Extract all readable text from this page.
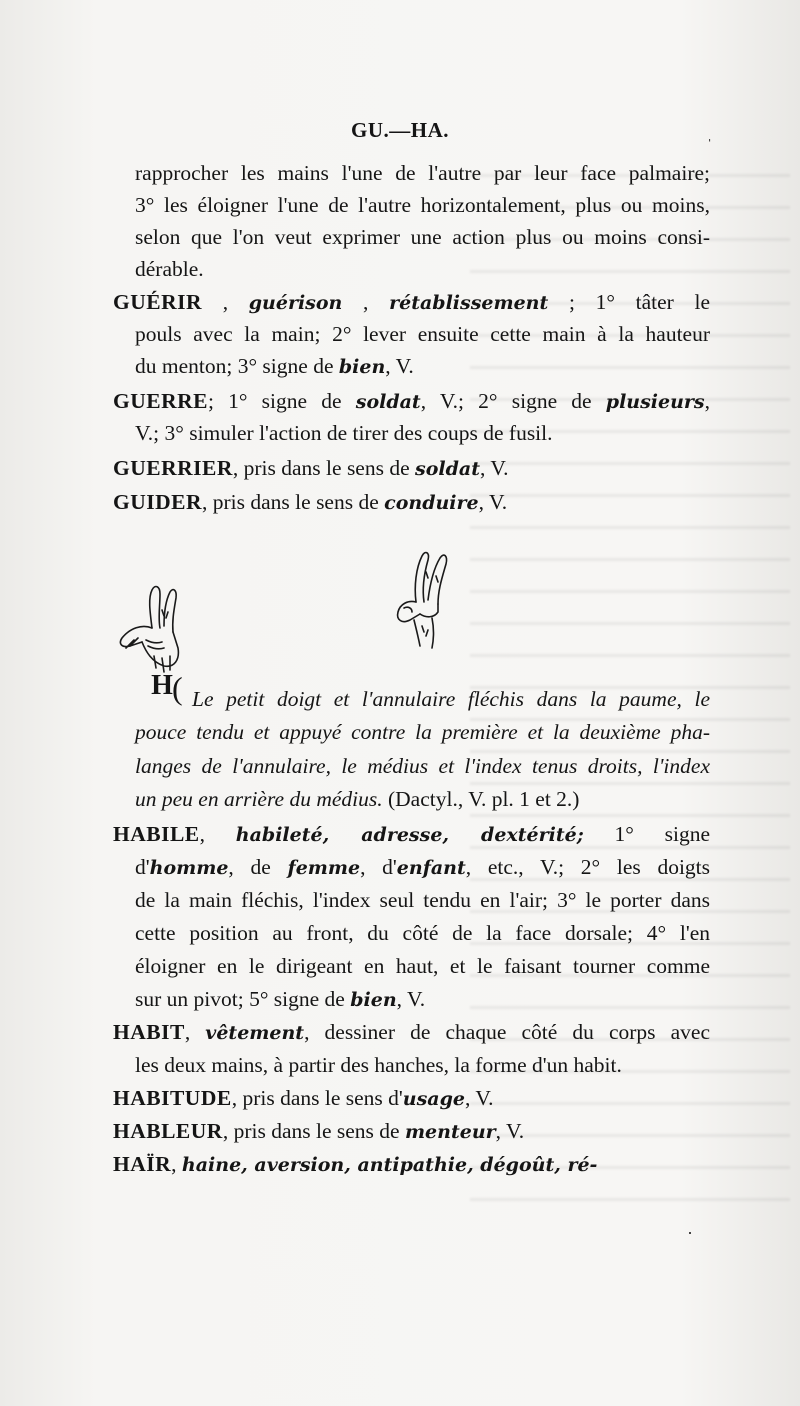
GU.—HA.	ˌ
rapprocher les mains l'une de l'autre par leur face palmaire;
3° les éloigner l'une de l'autre horizontalement, plus ou moins,
selon que l'on veut exprimer une action plus ou moins consi-
dérable.
GUÉRIR , guérison , rétablissement ; 1° tâter le
pouls avec la main; 2° lever ensuite cette main à la hauteur
du menton; 3° signe de bien, V.
GUERRE; 1° signe de soldat, V.; 2° signe de plusieurs,
V.; 3° simuler l'action de tirer des coups de fusil.
GUERRIER, pris dans le sens de soldat, V.
GUIDER, pris dans le sens de conduire, V.
H ( Le petit doigt et l'annulaire fléchis dans la paume, le
pouce tendu et appuyé contre la première et la deuxième pha-
langes de l'annulaire, le médius et l'index tenus droits, l'index
un peu en arrière du médius. (Dactyl., V. pl. 1 et 2.)
HABILE, habileté, adresse, dextérité; 1° signe
d'homme, de femme, d'enfant, etc., V.; 2° les doigts
de la main fléchis, l'index seul tendu en l'air; 3° le porter dans
cette position au front, du côté de la face dorsale; 4° l'en
éloigner en le dirigeant en haut, et le faisant tourner comme
sur un pivot; 5° signe de bien, V.
HABIT, vêtement, dessiner de chaque côté du corps avec
les deux mains, à partir des hanches, la forme d'un habit.
HABITUDE, pris dans le sens d'usage, V.
HABLEUR, pris dans le sens de menteur, V.
HAÏR, haine, aversion, antipathie, dégoût, ré-
